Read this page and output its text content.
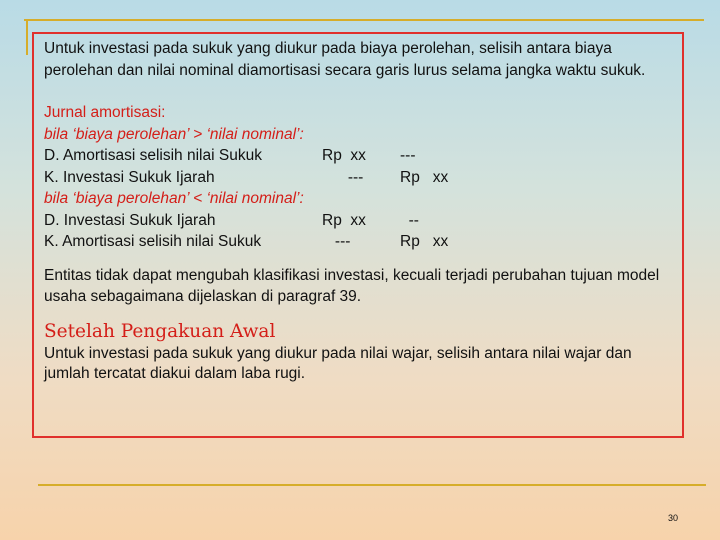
Untuk investasi pada sukuk yang diukur pada biaya perolehan, selisih antara biaya perolehan dan nilai nominal diamortisasi secara garis lurus selama jangka waktu sukuk.

Jurnal amortisasi:

bila ‘biaya perolehan’ > ‘nilai nominal’:

D. Amortisasi selisih nilai Sukuk	Rp  xx	---
K. Investasi Sukuk Ijarah	---	Rp   xx

bila ‘biaya perolehan’ < ‘nilai nominal’:

D. Investasi Sukuk Ijarah	Rp  xx	--
K. Amortisasi selisih nilai Sukuk	---	Rp   xx

Entitas tidak dapat mengubah klasifikasi investasi, kecuali terjadi perubahan tujuan model usaha sebagaimana dijelaskan di paragraf 39.

Setelah Pengakuan Awal

Untuk investasi pada sukuk yang diukur pada nilai wajar, selisih antara nilai wajar dan jumlah tercatat diakui dalam laba rugi.

30
